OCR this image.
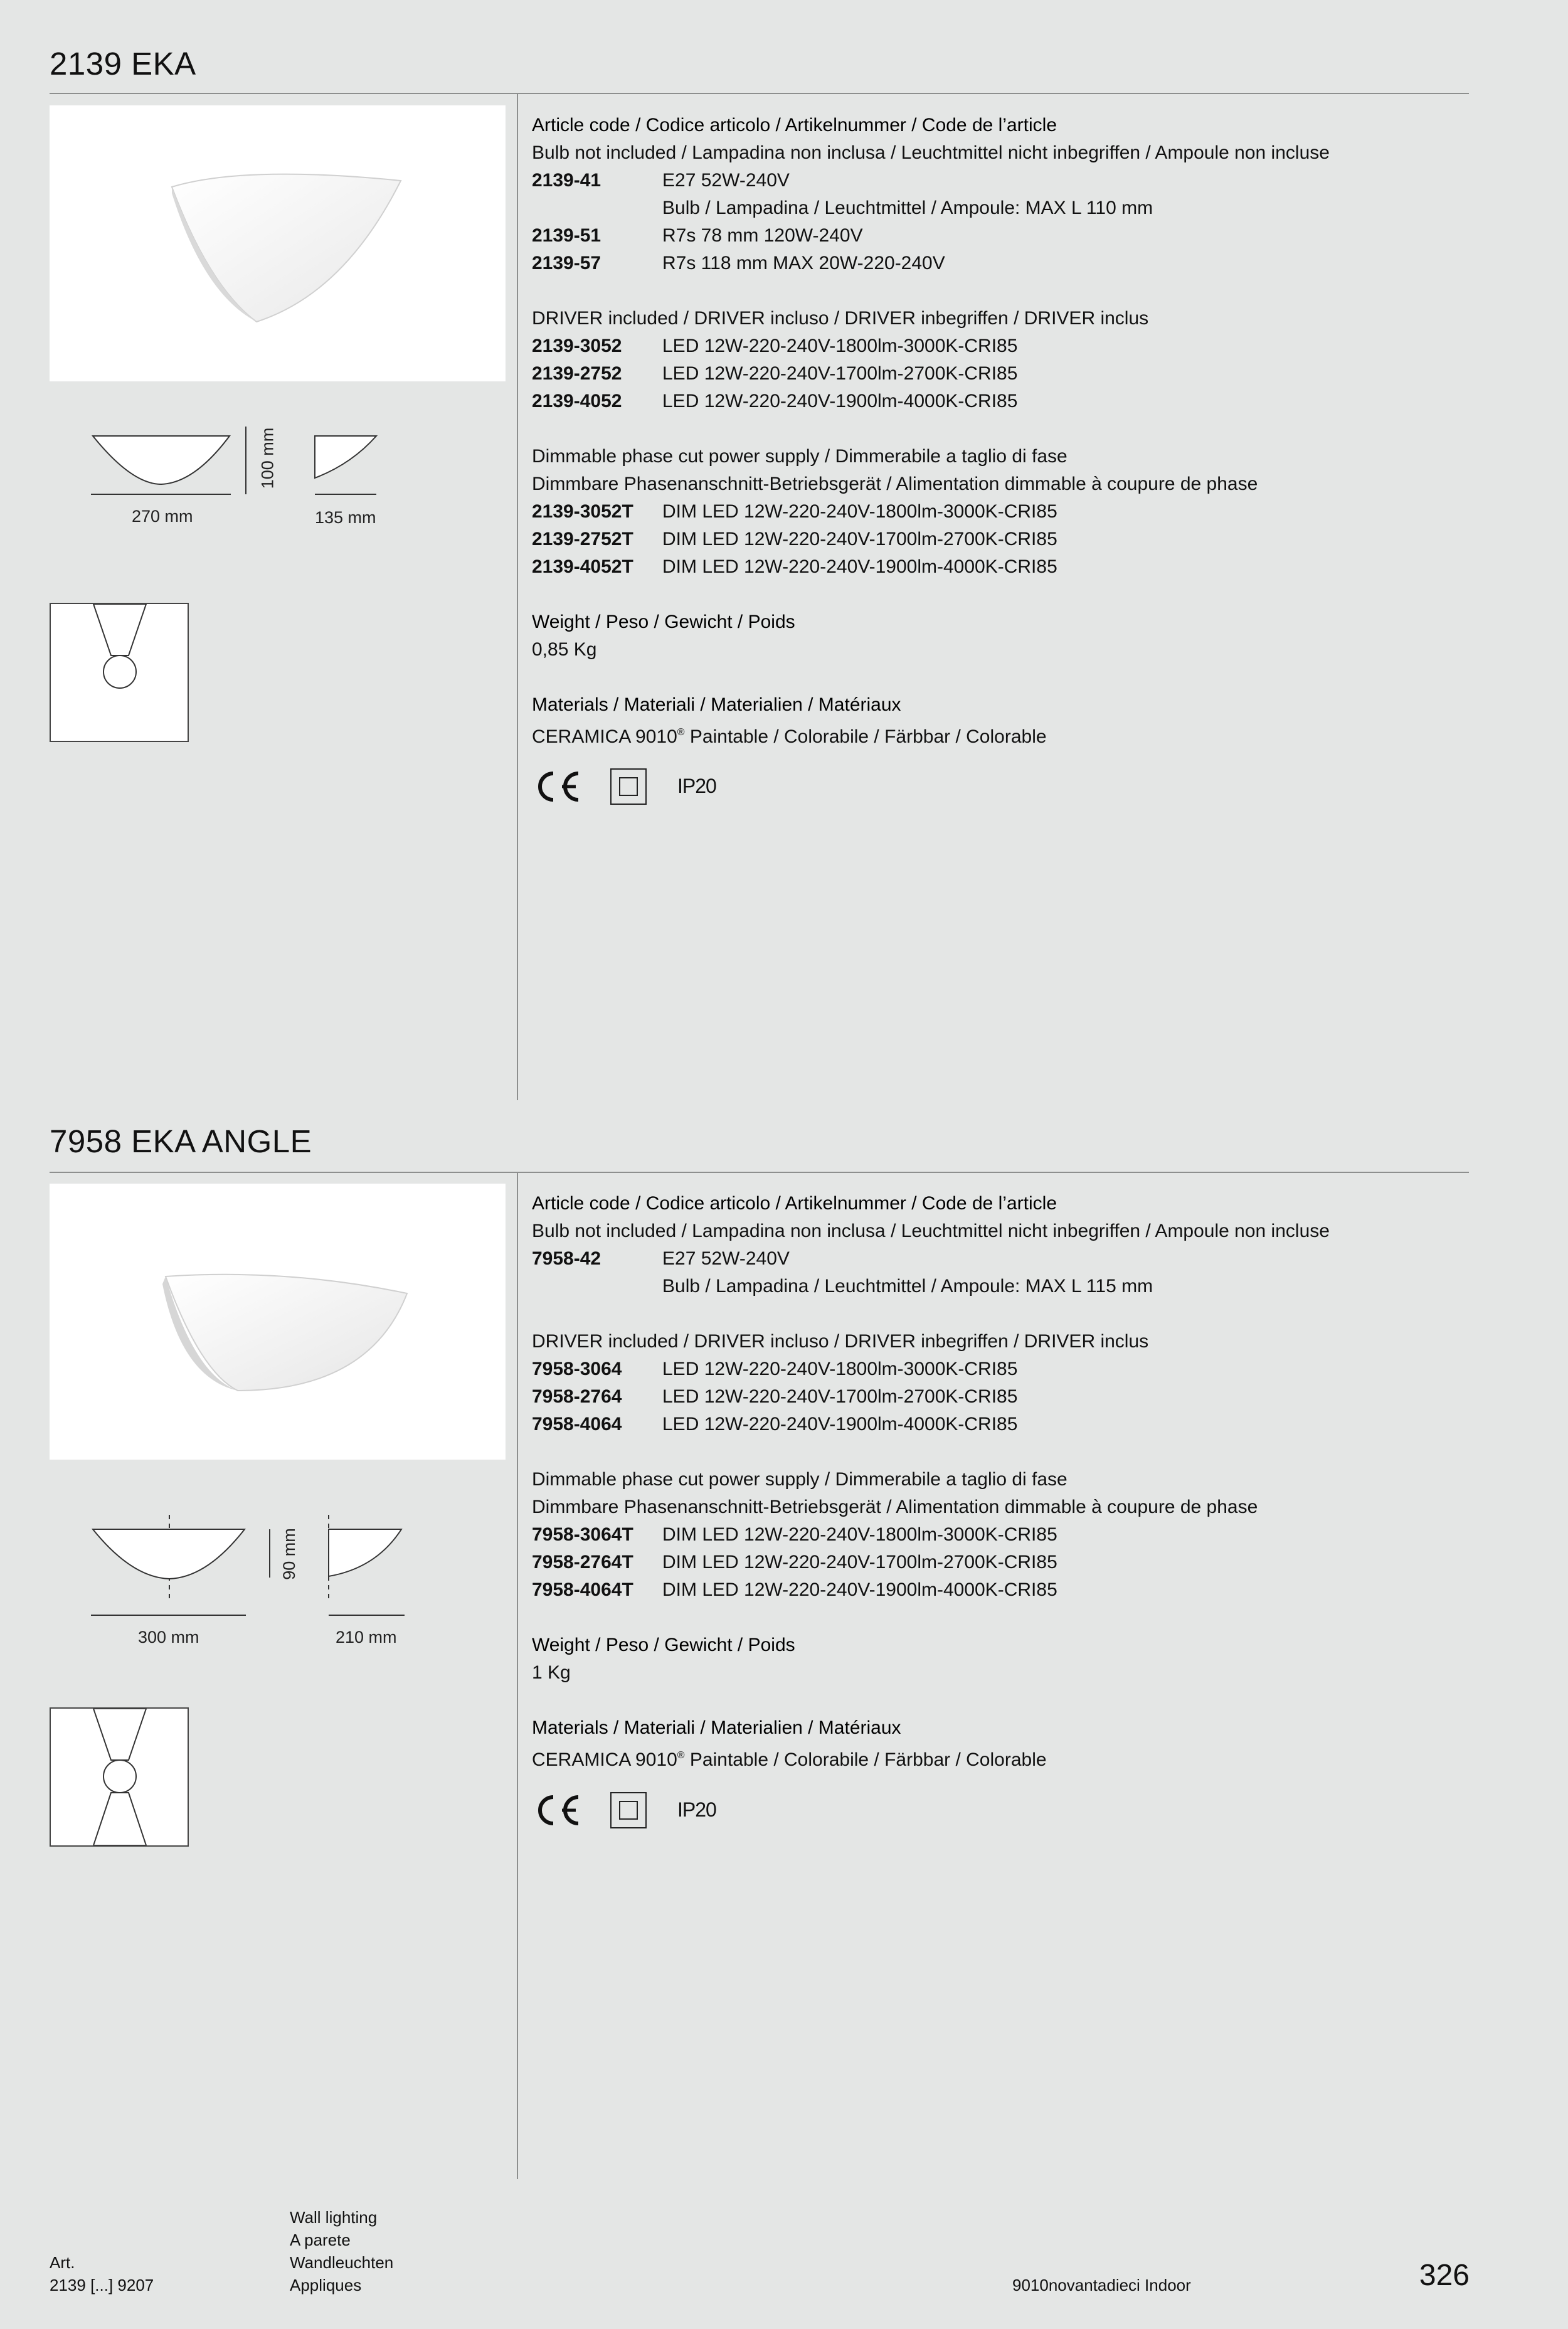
2139 EKA
270 mm
100 mm
135 mm
Article code / Codice articolo / Artikelnummer / Code de l’article
Bulb not included / Lampadina non inclusa / Leuchtmittel nicht inbegriffen / Ampoule non incluse
2139-41	E27 52W-240V
Bulb / Lampadina / Leuchtmittel / Ampoule: MAX L 110 mm
2139-51	R7s 78 mm 120W-240V
2139-57	R7s 118 mm MAX 20W-220-240V
DRIVER included / DRIVER incluso / DRIVER inbegriffen / DRIVER inclus
2139-3052 LED 12W-220-240V-1800lm-3000K-CRI85
2139-2752 LED 12W-220-240V-1700lm-2700K-CRI85
2139-4052 LED 12W-220-240V-1900lm-4000K-CRI85
Dimmable phase cut power supply / Dimmerabile a taglio di fase
Dimmbare Phasenanschnitt-Betriebsgerät / Alimentation dimmable à coupure de phase
2139-3052T DIM LED 12W-220-240V-1800lm-3000K-CRI85
2139-2752T DIM LED 12W-220-240V-1700lm-2700K-CRI85
2139-4052T DIM LED 12W-220-240V-1900lm-4000K-CRI85
Weight / Peso / Gewicht / Poids
0,85 Kg
Materials / Materiali / Materialien / Matériaux
CERAMICA 9010® Paintable / Colorabile / Färbbar / Colorable
IP20
7958 EKA ANGLE
300 mm
90 mm
210 mm
Article code / Codice articolo / Artikelnummer / Code de l’article
Bulb not included / Lampadina non inclusa / Leuchtmittel nicht inbegriffen / Ampoule non incluse
7958-42	E27 52W-240V
Bulb / Lampadina / Leuchtmittel / Ampoule: MAX L 115 mm
DRIVER included / DRIVER incluso / DRIVER inbegriffen / DRIVER inclus
7958-3064 LED 12W-220-240V-1800lm-3000K-CRI85
7958-2764 LED 12W-220-240V-1700lm-2700K-CRI85
7958-4064 LED 12W-220-240V-1900lm-4000K-CRI85
Dimmable phase cut power supply / Dimmerabile a taglio di fase
Dimmbare Phasenanschnitt-Betriebsgerät / Alimentation dimmable à coupure de phase
7958-3064T DIM LED 12W-220-240V-1800lm-3000K-CRI85
7958-2764T DIM LED 12W-220-240V-1700lm-2700K-CRI85
7958-4064T DIM LED 12W-220-240V-1900lm-4000K-CRI85
Weight / Peso / Gewicht / Poids
1 Kg
Materials / Materiali / Materialien / Matériaux
CERAMICA 9010® Paintable / Colorabile / Färbbar / Colorable
IP20
Art.
2139 [...] 9207
Wall lighting
A parete
Wandleuchten
Appliques	9010novantadieci Indoor	326
